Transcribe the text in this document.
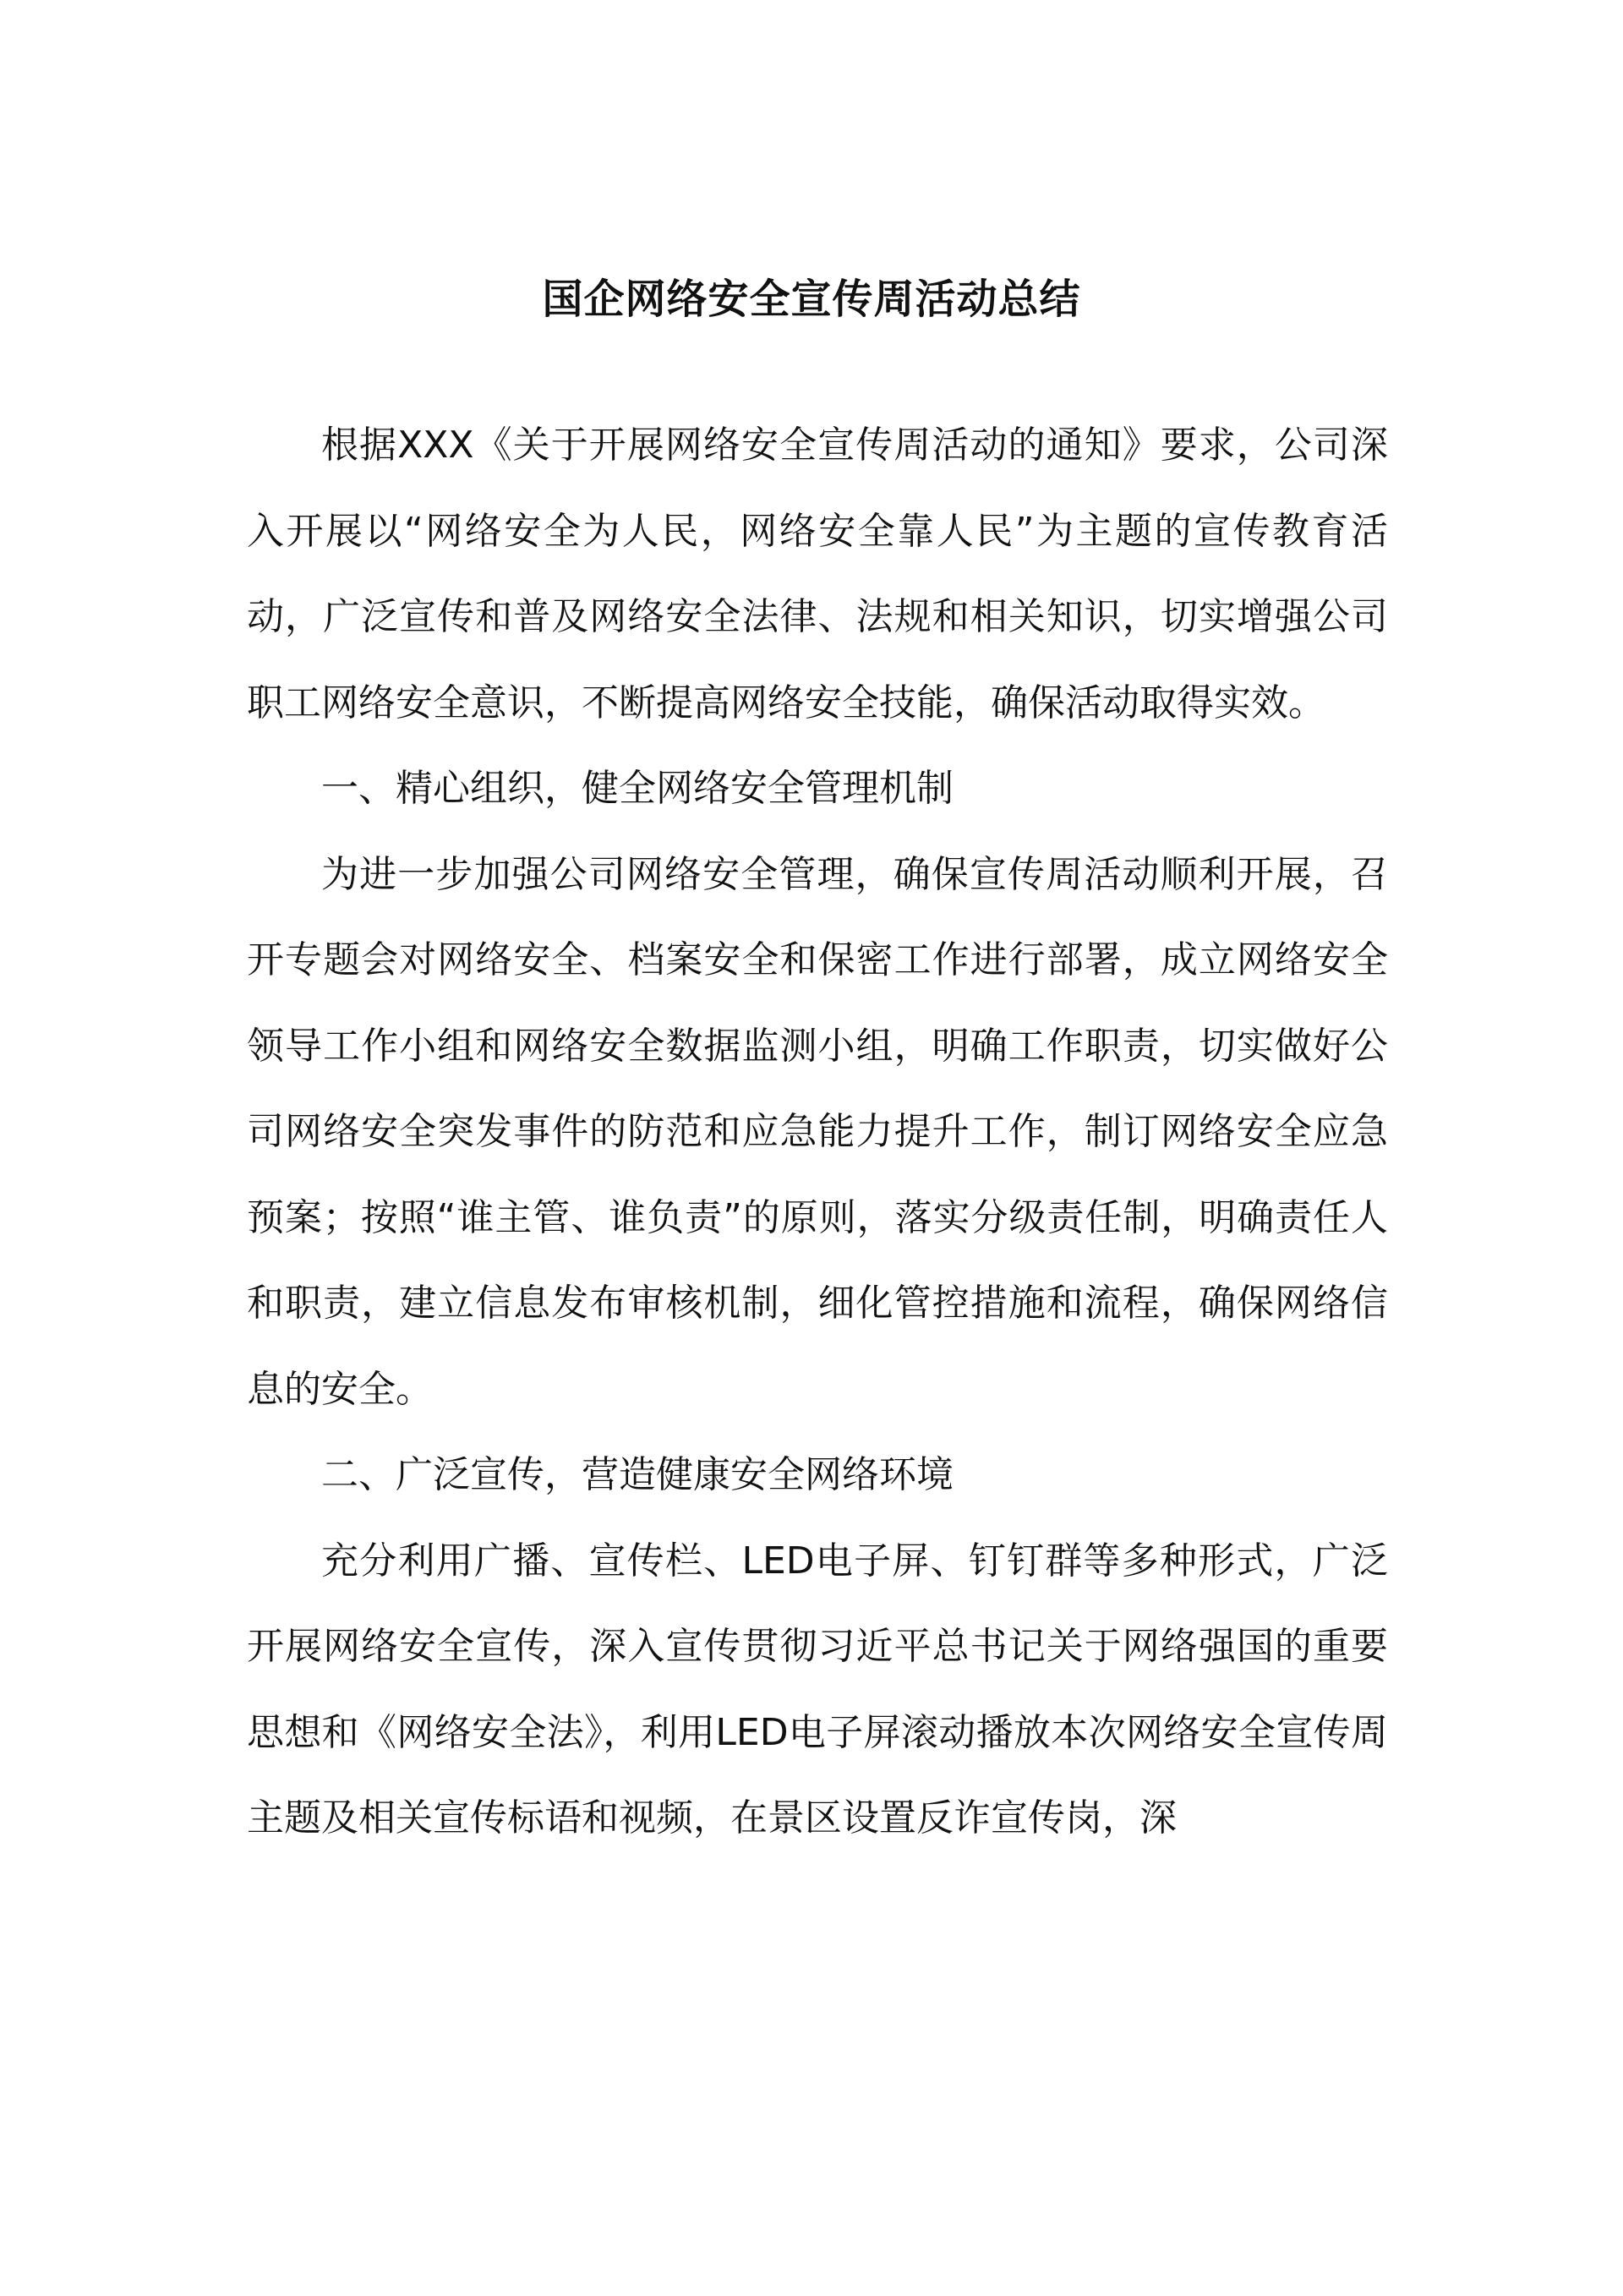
国企网络安全宣传周活动总结

根据XXX《关于开展网络安全宣传周活动的通知》要求，公司深入开展以“网络安全为人民，网络安全靠人民”为主题的宣传教育活动，广泛宣传和普及网络安全法律、法规和相关知识，切实增强公司职工网络安全意识，不断提高网络安全技能，确保活动取得实效。

一、精心组织，健全网络安全管理机制

为进一步加强公司网络安全管理，确保宣传周活动顺利开展，召开专题会对网络安全、档案安全和保密工作进行部署，成立网络安全领导工作小组和网络安全数据监测小组，明确工作职责，切实做好公司网络安全突发事件的防范和应急能力提升工作，制订网络安全应急预案；按照“谁主管、谁负责”的原则，落实分级责任制，明确责任人和职责，建立信息发布审核机制，细化管控措施和流程，确保网络信息的安全。

二、广泛宣传，营造健康安全网络环境

充分利用广播、宣传栏、LED电子屏、钉钉群等多种形式，广泛开展网络安全宣传，深入宣传贯彻习近平总书记关于网络强国的重要思想和《网络安全法》，利用LED电子屏滚动播放本次网络安全宣传周主题及相关宣传标语和视频，在景区设置反诈宣传岗，深
